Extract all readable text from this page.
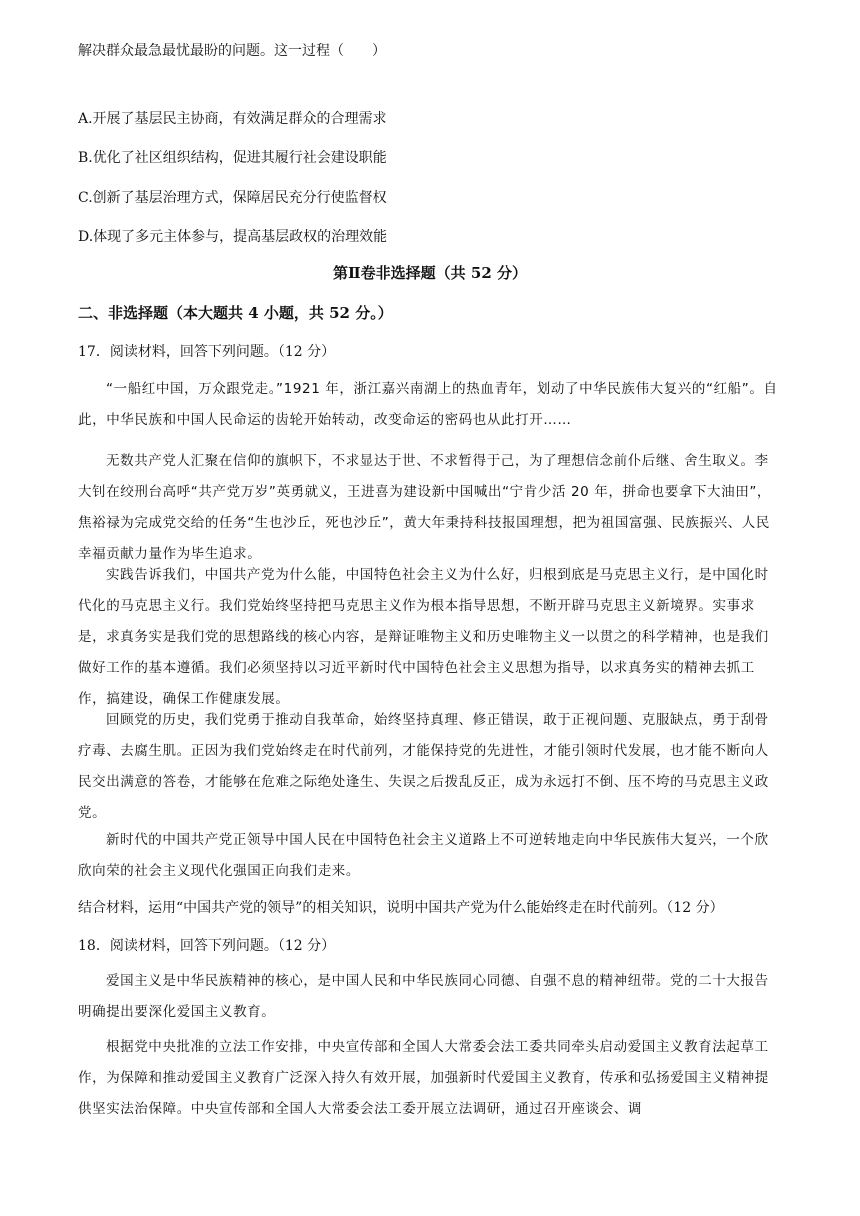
解决群众最急最忧最盼的问题。这一过程（　　）
A.开展了基层民主协商，有效满足群众的合理需求
B.优化了社区组织结构，促进其履行社会建设职能
C.创新了基层治理方式，保障居民充分行使监督权
D.体现了多元主体参与，提高基层政权的治理效能
第Ⅱ卷非选择题（共 52 分）
二、非选择题（本大题共 4 小题，共 52 分。）
17．阅读材料，回答下列问题。（12 分）

“一船红中国，万众跟党走。”1921 年，浙江嘉兴南湖上的热血青年，划动了中华民族伟大复兴的“红船”。自此，中华民族和中国人民命运的齿轮开始转动，改变命运的密码也从此打开……

无数共产党人汇聚在信仰的旗帜下，不求显达于世、不求暂得于己，为了理想信念前仆后继、舍生取义。李大钊在绞刑台高呼“共产党万岁”英勇就义，王进喜为建设新中国喊出“宁肯少活 20 年，拼命也要拿下大油田”，焦裕禄为完成党交给的任务“生也沙丘，死也沙丘”，黄大年秉持科技报国理想，把为祖国富强、民族振兴、人民幸福贡献力量作为毕生追求。

实践告诉我们，中国共产党为什么能，中国特色社会主义为什么好，归根到底是马克思主义行，是中国化时代化的马克思主义行。我们党始终坚持把马克思主义作为根本指导思想，不断开辟马克思主义新境界。实事求是，求真务实是我们党的思想路线的核心内容，是辩证唯物主义和历史唯物主义一以贯之的科学精神，也是我们做好工作的基本遵循。我们必须坚持以习近平新时代中国特色社会主义思想为指导，以求真务实的精神去抓工作，搞建设，确保工作健康发展。

回顾党的历史，我们党勇于推动自我革命，始终坚持真理、修正错误，敢于正视问题、克服缺点，勇于刮骨疗毒、去腐生肌。正因为我们党始终走在时代前列，才能保持党的先进性，才能引领时代发展，也才能不断向人民交出满意的答卷，才能够在危难之际绝处逢生、失误之后拨乱反正，成为永远打不倒、压不垮的马克思主义政党。

新时代的中国共产党正领导中国人民在中国特色社会主义道路上不可逆转地走向中华民族伟大复兴，一个欣欣向荣的社会主义现代化强国正向我们走来。

结合材料，运用“中国共产党的领导”的相关知识，说明中国共产党为什么能始终走在时代前列。（12 分）
18．阅读材料，回答下列问题。（12 分）

爱国主义是中华民族精神的核心，是中国人民和中华民族同心同德、自强不息的精神纽带。党的二十大报告明确提出要深化爱国主义教育。

根据党中央批准的立法工作安排，中央宣传部和全国人大常委会法工委共同牵头启动爱国主义教育法起草工作，为保障和推动爱国主义教育广泛深入持久有效开展，加强新时代爱国主义教育，传承和弘扬爱国主义精神提供坚实法治保障。中央宣传部和全国人大常委会法工委开展立法调研，通过召开座谈会、调
